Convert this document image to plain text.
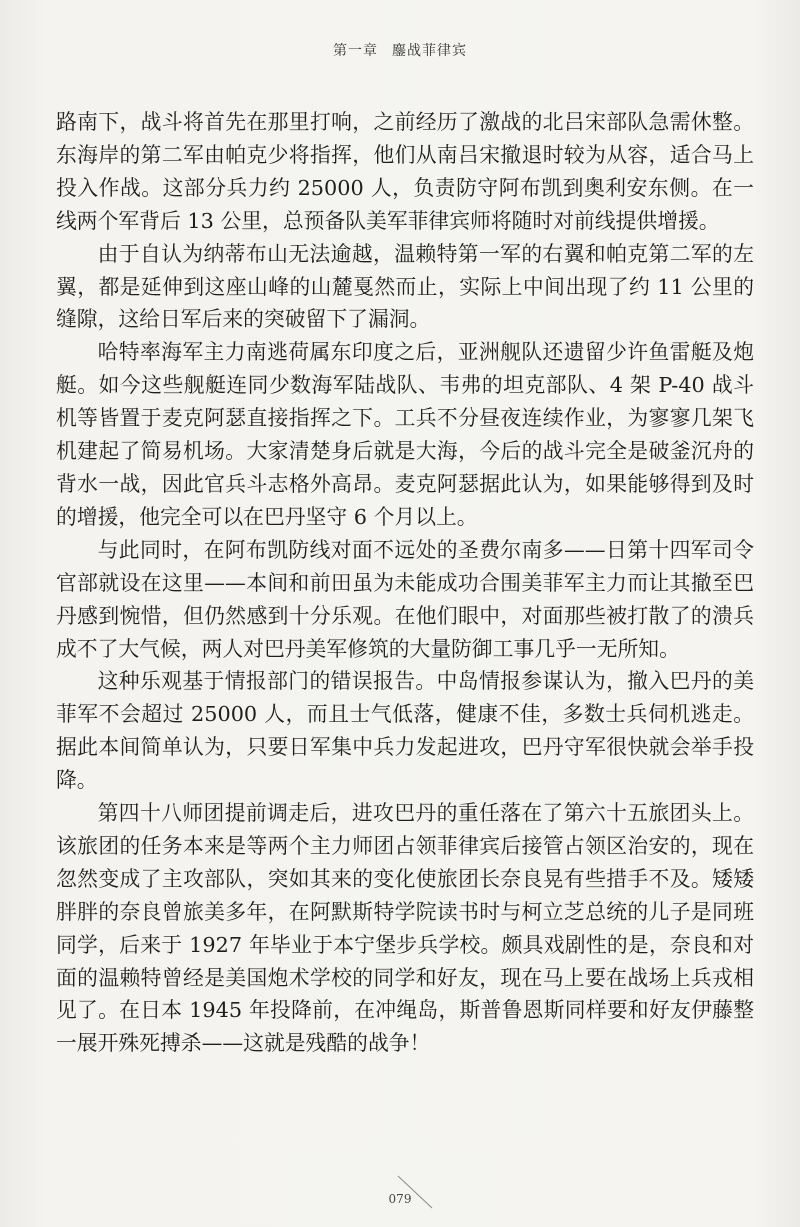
第一章 鏖战菲律宾

路南下，战斗将首先在那里打响，之前经历了激战的北吕宋部队急需休整。东海岸的第二军由帕克少将指挥，他们从南吕宋撤退时较为从容，适合马上投入作战。这部分兵力约 25000 人，负责防守阿布凯到奥利安东侧。在一线两个军背后 13 公里，总预备队美军菲律宾师将随时对前线提供增援。

由于自认为纳蒂布山无法逾越，温赖特第一军的右翼和帕克第二军的左翼，都是延伸到这座山峰的山麓戛然而止，实际上中间出现了约 11 公里的缝隙，这给日军后来的突破留下了漏洞。

哈特率海军主力南逃荷属东印度之后，亚洲舰队还遗留少许鱼雷艇及炮艇。如今这些舰艇连同少数海军陆战队、韦弗的坦克部队、4 架 P-40 战斗机等皆置于麦克阿瑟直接指挥之下。工兵不分昼夜连续作业，为寥寥几架飞机建起了简易机场。大家清楚身后就是大海，今后的战斗完全是破釜沉舟的背水一战，因此官兵斗志格外高昂。麦克阿瑟据此认为，如果能够得到及时的增援，他完全可以在巴丹坚守 6 个月以上。

与此同时，在阿布凯防线对面不远处的圣费尔南多——日第十四军司令官部就设在这里——本间和前田虽为未能成功合围美菲军主力而让其撤至巴丹感到惋惜，但仍然感到十分乐观。在他们眼中，对面那些被打散了的溃兵成不了大气候，两人对巴丹美军修筑的大量防御工事几乎一无所知。

这种乐观基于情报部门的错误报告。中岛情报参谋认为，撤入巴丹的美菲军不会超过 25000 人，而且士气低落，健康不佳，多数士兵伺机逃走。据此本间简单认为，只要日军集中兵力发起进攻，巴丹守军很快就会举手投降。

第四十八师团提前调走后，进攻巴丹的重任落在了第六十五旅团头上。该旅团的任务本来是等两个主力师团占领菲律宾后接管占领区治安的，现在忽然变成了主攻部队，突如其来的变化使旅团长奈良晃有些措手不及。矮矮胖胖的奈良曾旅美多年，在阿默斯特学院读书时与柯立芝总统的儿子是同班同学，后来于 1927 年毕业于本宁堡步兵学校。颇具戏剧性的是，奈良和对面的温赖特曾经是美国炮术学校的同学和好友，现在马上要在战场上兵戎相见了。在日本 1945 年投降前，在冲绳岛，斯普鲁恩斯同样要和好友伊藤整一展开殊死搏杀——这就是残酷的战争！

079
